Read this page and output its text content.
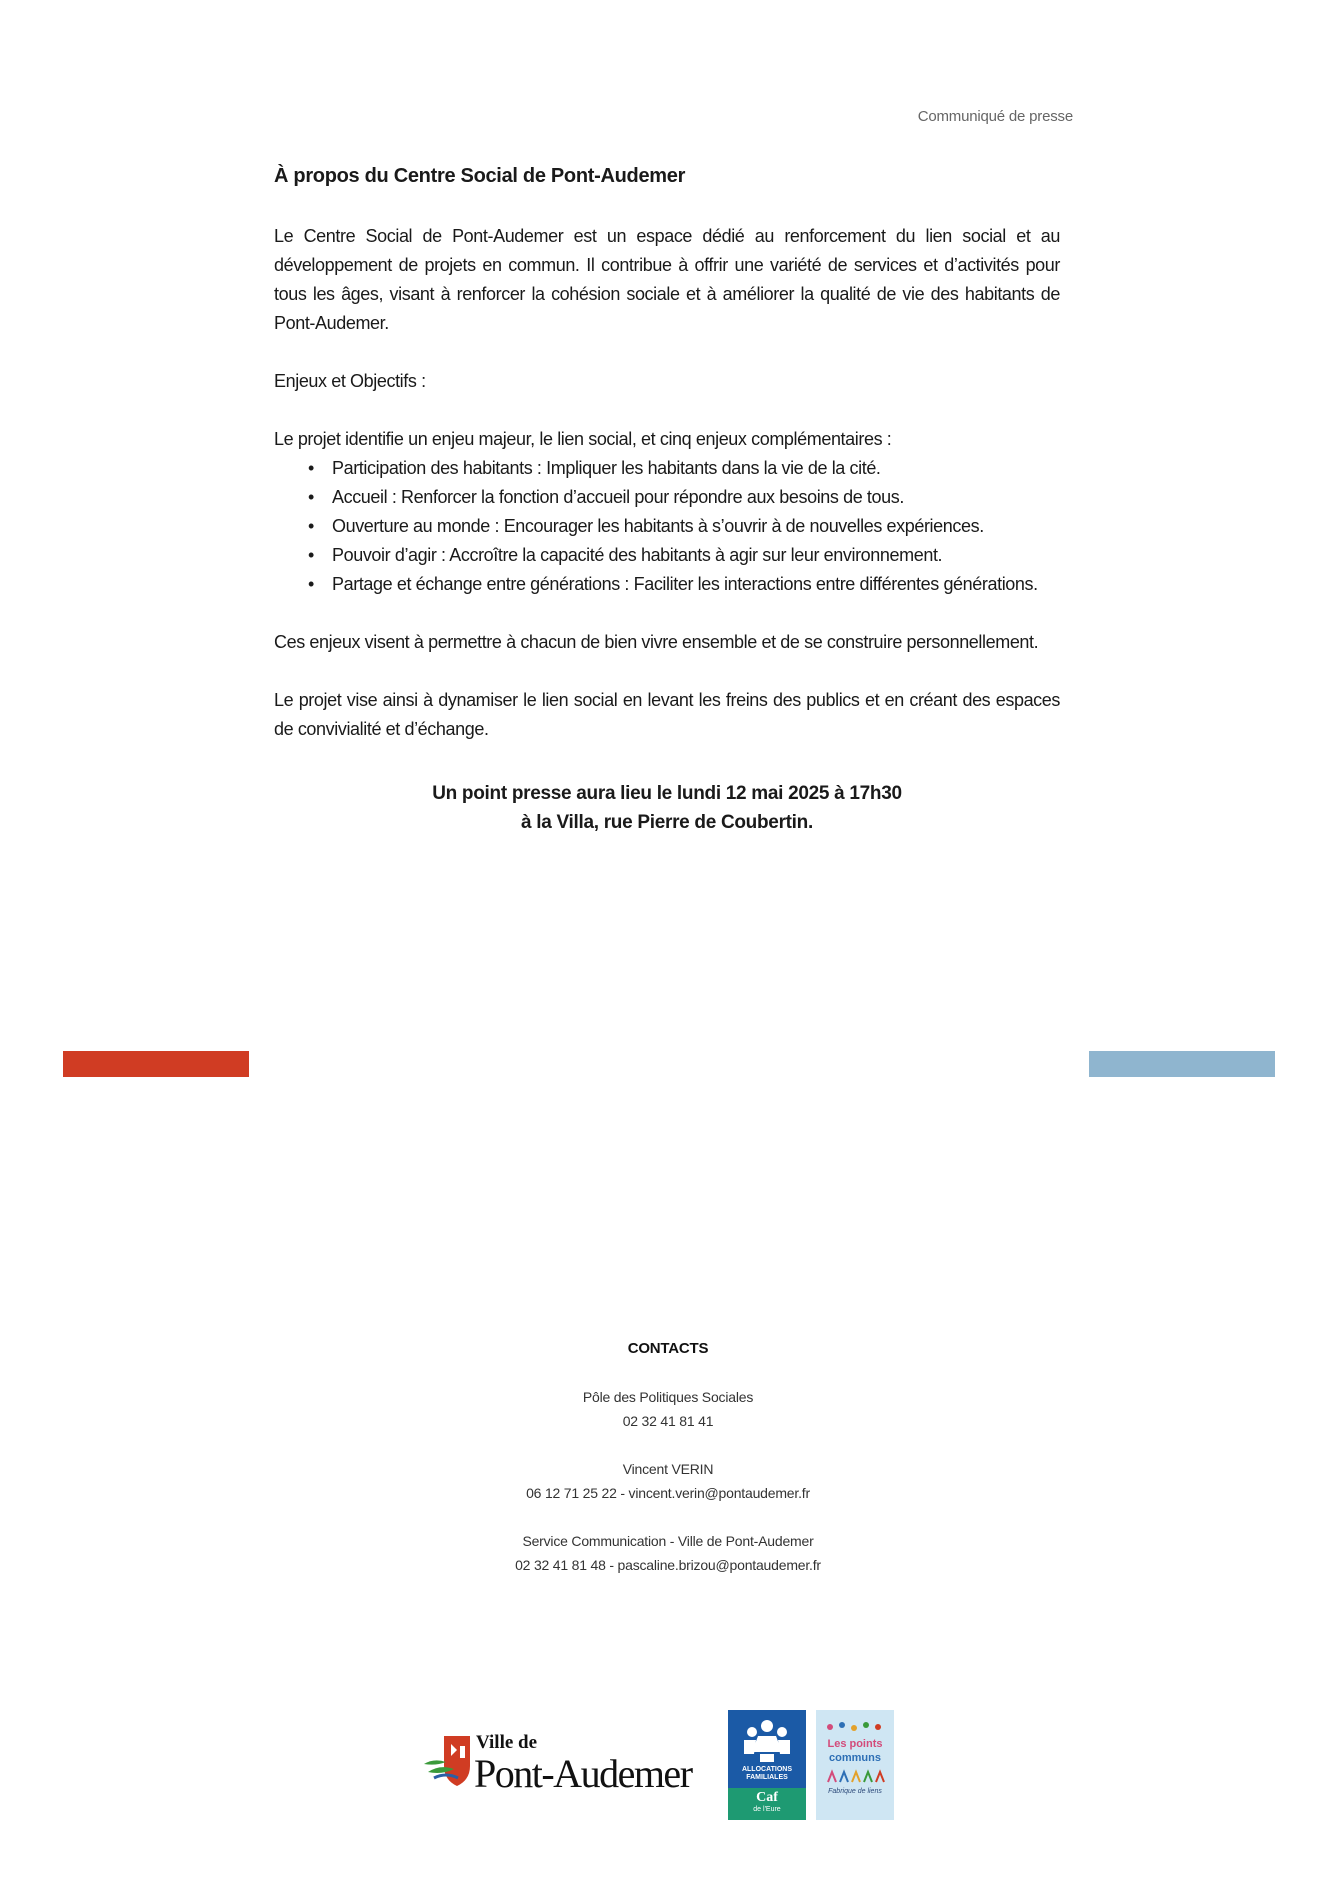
Communiqué de presse
À propos du Centre Social de Pont-Audemer

Le Centre Social de Pont-Audemer est un espace dédié au renforcement du lien social et au développement de projets en commun. Il contribue à offrir une variété de services et d’activités pour tous les âges, visant à renforcer la cohésion sociale et à améliorer la qualité de vie des habitants de Pont-Audemer.

Enjeux et Objectifs :

Le projet identifie un enjeu majeur, le lien social, et cinq enjeux complémentaires :

• Participation des habitants : Impliquer les habitants dans la vie de la cité.
• Accueil : Renforcer la fonction d’accueil pour répondre aux besoins de tous.
• Ouverture au monde : Encourager les habitants à s’ouvrir à de nouvelles expériences.
• Pouvoir d’agir : Accroître la capacité des habitants à agir sur leur environnement.
• Partage et échange entre générations : Faciliter les interactions entre différentes générations.

Ces enjeux visent à permettre à chacun de bien vivre ensemble et de se construire personnellement.

Le projet vise ainsi à dynamiser le lien social en levant les freins des publics et en créant des espaces de convivialité et d’échange.

Un point presse aura lieu le lundi 12 mai 2025 à 17h30
à la Villa, rue Pierre de Coubertin.
CONTACTS
Pôle des Politiques Sociales
02 32 41 81 41
Vincent VERIN
06 12 71 25 22 - vincent.verin@pontaudemer.fr
Service Communication - Ville de Pont-Audemer
02 32 41 81 48 - pascaline.brizou@pontaudemer.fr
Ville de
Pont-Audemer	ALLOCATIONS
FAMILIALES
Caf
de l'Eure
Les points
communs
Fabrique de liens
